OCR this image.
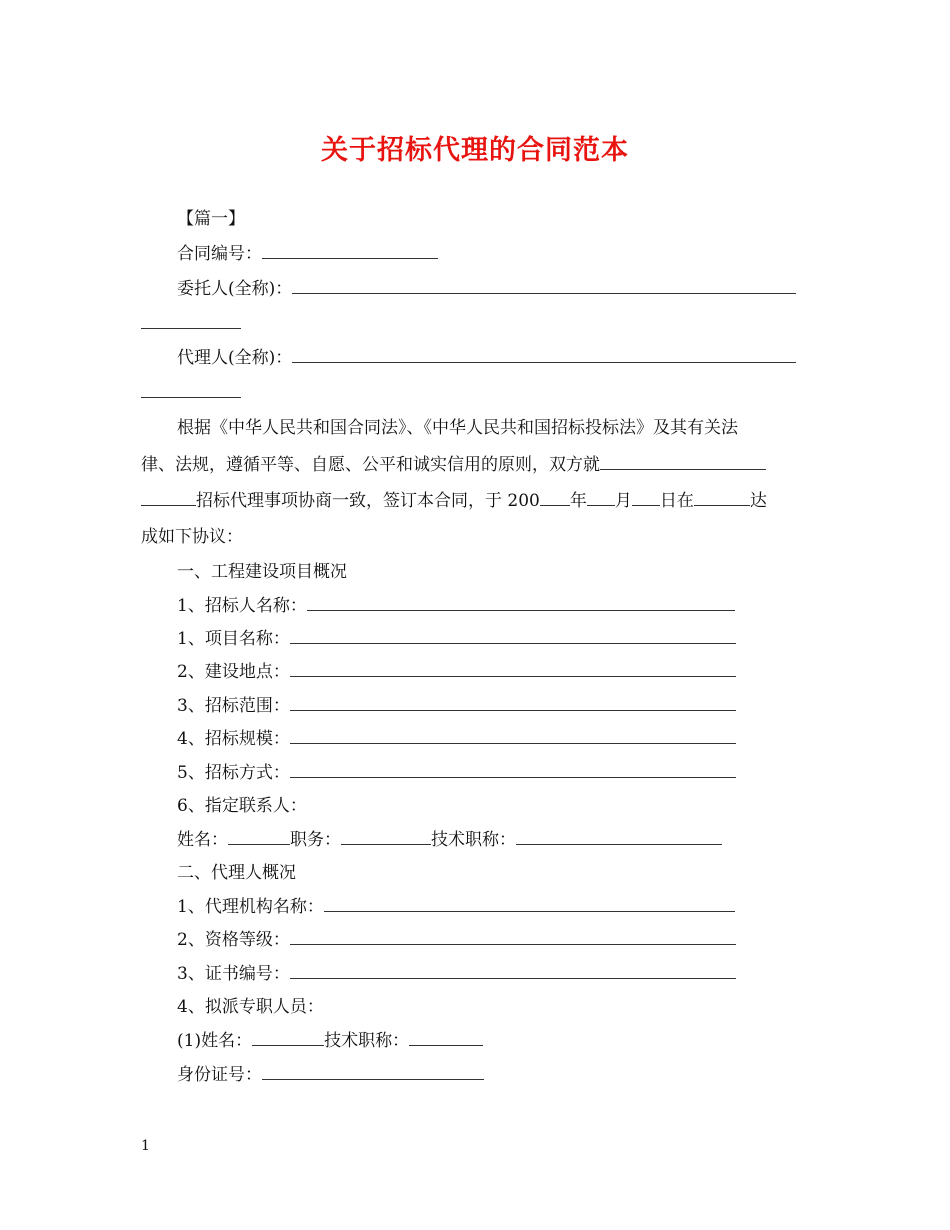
关于招标代理的合同范本
【篇一】
合同编号：
委托人(全称)：
代理人(全称)：
根据《中华人民共和国合同法》、《中华人民共和国招标投标法》及其有关法
律、法规，遵循平等、自愿、公平和诚实信用的原则，双方就
招标代理事项协商一致，签订本合同，于 200 年 月 日在	达
成如下协议：
一、工程建设项目概况
1、招标人名称：
1、项目名称：
2、建设地点：
3、招标范围：
4、招标规模：
5、招标方式：
6、指定联系人：
姓名：	职务：	技术职称：
二、代理人概况
1、代理机构名称：
2、资格等级：
3、证书编号：
4、拟派专职人员：
(1)姓名：	技术职称：
身份证号：
1
